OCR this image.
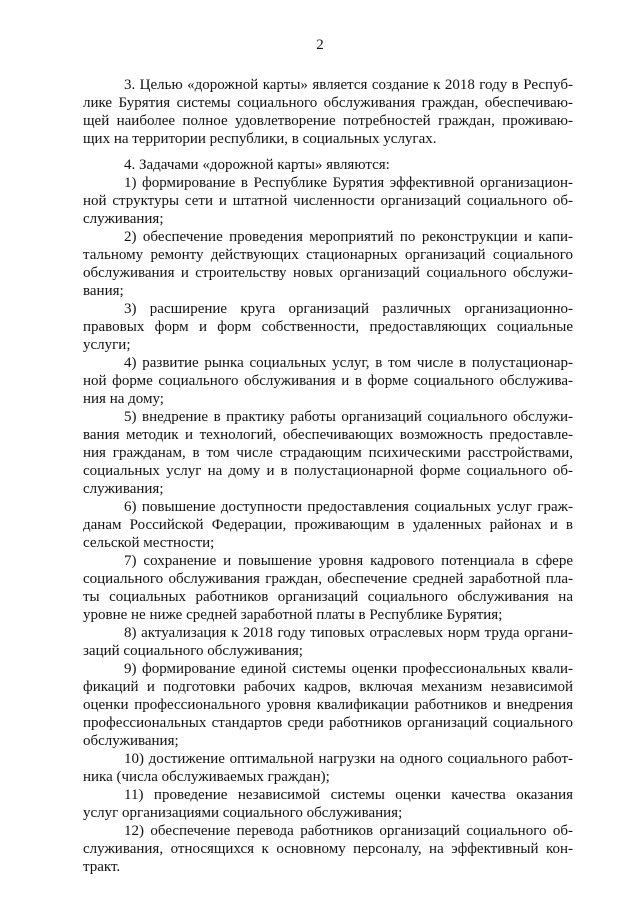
2
3. Целью «дорожной карты» является создание к 2018 году в Респуб-
лике Бурятия системы социального обслуживания граждан, обеспечиваю-
щей наиболее полное удовлетворение потребностей граждан, проживаю-
щих на территории республики, в социальных услугах.
4. Задачами «дорожной карты» являются:
1) формирование в Республике Бурятия эффективной организацион-
ной структуры сети и штатной численности организаций социального об-
служивания;
2) обеспечение проведения мероприятий по реконструкции и капи-
тальному ремонту действующих стационарных организаций социального
обслуживания и строительству новых организаций социального обслужи-
вания;
3) расширение круга организаций различных организационно-
правовых форм и форм собственности, предоставляющих социальные
услуги;
4) развитие рынка социальных услуг, в том числе в полустационар-
ной форме социального обслуживания и в форме социального обслужива-
ния на дому;
5) внедрение в практику работы организаций социального обслужи-
вания методик и технологий, обеспечивающих возможность предоставле-
ния гражданам, в том числе страдающим психическими расстройствами,
социальных услуг на дому и в полустационарной форме социального об-
служивания;
6) повышение доступности предоставления социальных услуг граж-
данам Российской Федерации, проживающим в удаленных районах и в
сельской местности;
7) сохранение и повышение уровня кадрового потенциала в сфере
социального обслуживания граждан, обеспечение средней заработной пла-
ты социальных работников организаций социального обслуживания на
уровне не ниже средней заработной платы в Республике Бурятия;
8) актуализация к 2018 году типовых отраслевых норм труда органи-
заций социального обслуживания;
9) формирование единой системы оценки профессиональных квали-
фикаций и подготовки рабочих кадров, включая механизм независимой
оценки профессионального уровня квалификации работников и внедрения
профессиональных стандартов среди работников организаций социального
обслуживания;
10) достижение оптимальной нагрузки на одного социального работ-
ника (числа обслуживаемых граждан);
11) проведение независимой системы оценки качества оказания
услуг организациями социального обслуживания;
12) обеспечение перевода работников организаций социального об-
служивания, относящихся к основному персоналу, на эффективный кон-
тракт.
